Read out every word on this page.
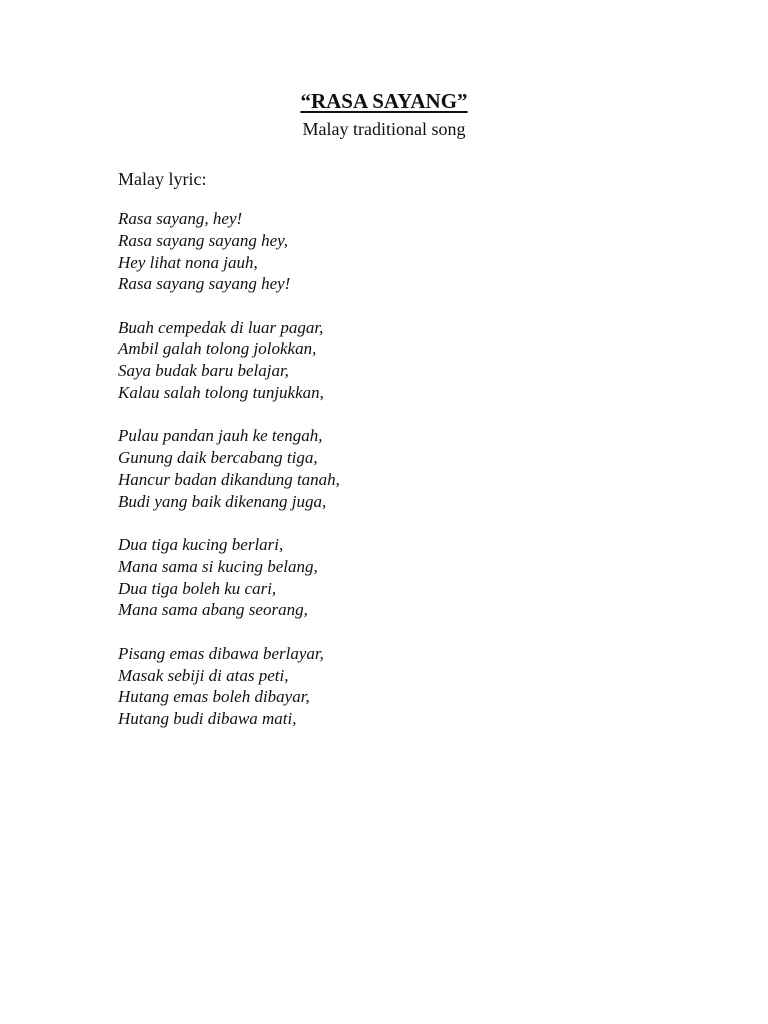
“RASA SAYANG”
Malay traditional song
Malay lyric:
Rasa sayang, hey!
Rasa sayang sayang hey,
Hey lihat nona jauh,
Rasa sayang sayang hey!
Buah cempedak di luar pagar,
Ambil galah tolong jolokkan,
Saya budak baru belajar,
Kalau salah tolong tunjukkan,
Pulau pandan jauh ke tengah,
Gunung daik bercabang tiga,
Hancur badan dikandung tanah,
Budi yang baik dikenang juga,
Dua tiga kucing berlari,
Mana sama si kucing belang,
Dua tiga boleh ku cari,
Mana sama abang seorang,
Pisang emas dibawa berlayar,
Masak sebiji di atas peti,
Hutang emas boleh dibayar,
Hutang budi dibawa mati,
